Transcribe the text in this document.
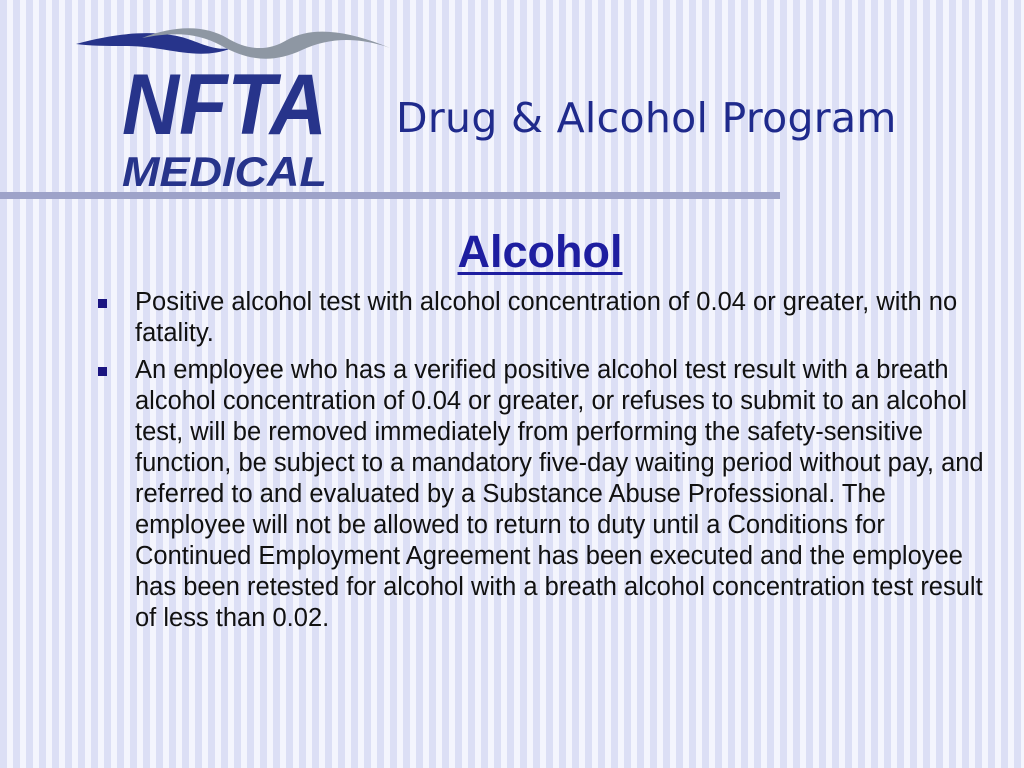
NFTA
MEDICAL
Drug & Alcohol Program
Alcohol
Positive alcohol test with alcohol concentration of 0.04 or greater, with no fatality.
An employee who has a verified positive alcohol test result with a breath alcohol concentration of 0.04 or greater, or refuses to submit to an alcohol test, will be removed immediately from performing the safety-sensitive function, be subject to a mandatory five-day waiting period without pay, and referred to and evaluated by a Substance Abuse Professional. The employee will not be allowed to return to duty until a Conditions for Continued Employment Agreement has been executed and the employee has been retested for alcohol with a breath alcohol concentration test result of less than 0.02.
